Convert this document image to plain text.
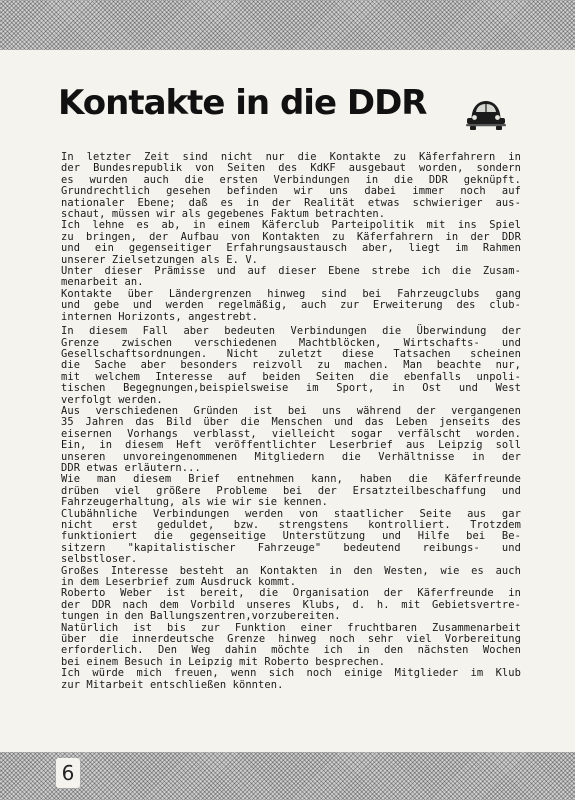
Kontakte in die DDR

In letzter Zeit sind nicht nur die Kontakte zu Käferfahrern in
der Bundesrepublik von Seiten des KdKF ausgebaut worden, sondern
es wurden auch die ersten Verbindungen in die DDR geknüpft.
Grundrechtlich gesehen befinden wir uns dabei immer noch auf
nationaler Ebene; daß es in der Realität etwas schwieriger aus-
schaut, müssen wir als gegebenes Faktum betrachten.
Ich lehne es ab, in einem Käferclub Parteipolitik mit ins Spiel
zu bringen, der Aufbau von Kontakten zu Käferfahrern in der DDR
und ein gegenseitiger Erfahrungsaustausch aber, liegt im Rahmen
unserer Zielsetzungen als E. V.
Unter dieser Prämisse und auf dieser Ebene strebe ich die Zusam-
menarbeit an.
Kontakte über Ländergrenzen hinweg sind bei Fahrzeugclubs gang
und gebe und werden regelmäßig, auch zur Erweiterung des club-
internen Horizonts, angestrebt.

In diesem Fall aber bedeuten Verbindungen die Überwindung der
Grenze zwischen verschiedenen Machtblöcken, Wirtschafts- und
Gesellschaftsordnungen. Nicht zuletzt diese Tatsachen scheinen
die Sache aber besonders reizvoll zu machen. Man beachte nur,
mit welchem Interesse auf beiden Seiten die ebenfalls unpoli-
tischen Begegnungen,beispielsweise im Sport, in Ost und West
verfolgt werden.
Aus verschiedenen Gründen ist bei uns während der vergangenen
35 Jahren das Bild über die Menschen und das Leben jenseits des
eisernen Vorhangs verblasst, vielleicht sogar verfälscht worden.
Ein, in diesem Heft veröffentlichter Leserbrief aus Leipzig soll
unseren unvoreingenommenen Mitgliedern die Verhältnisse in der
DDR etwas erläutern...
Wie man diesem Brief entnehmen kann, haben die Käferfreunde
drüben viel größere Probleme bei der Ersatzteilbeschaffung und
Fahrzeugerhaltung, als wie wir sie kennen.
Clubähnliche Verbindungen werden von staatlicher Seite aus gar
nicht erst geduldet, bzw. strengstens kontrolliert. Trotzdem
funktioniert die gegenseitige Unterstützung und Hilfe bei Be-
sitzern "kapitalistischer Fahrzeuge" bedeutend reibungs- und
selbstloser.
Großes Interesse besteht an Kontakten in den Westen, wie es auch
in dem Leserbrief zum Ausdruck kommt.
Roberto Weber ist bereit, die Organisation der Käferfreunde in
der DDR nach dem Vorbild unseres Klubs, d. h. mit Gebietsvertre-
tungen in den Ballungszentren,vorzubereiten.
Natürlich ist bis zur Funktion einer fruchtbaren Zusammenarbeit
über die innerdeutsche Grenze hinweg noch sehr viel Vorbereitung
erforderlich. Den Weg dahin möchte ich in den nächsten Wochen
bei einem Besuch in Leipzig mit Roberto besprechen.
Ich würde mich freuen, wenn sich noch einige Mitglieder im Klub
zur Mitarbeit entschließen könnten.

6
